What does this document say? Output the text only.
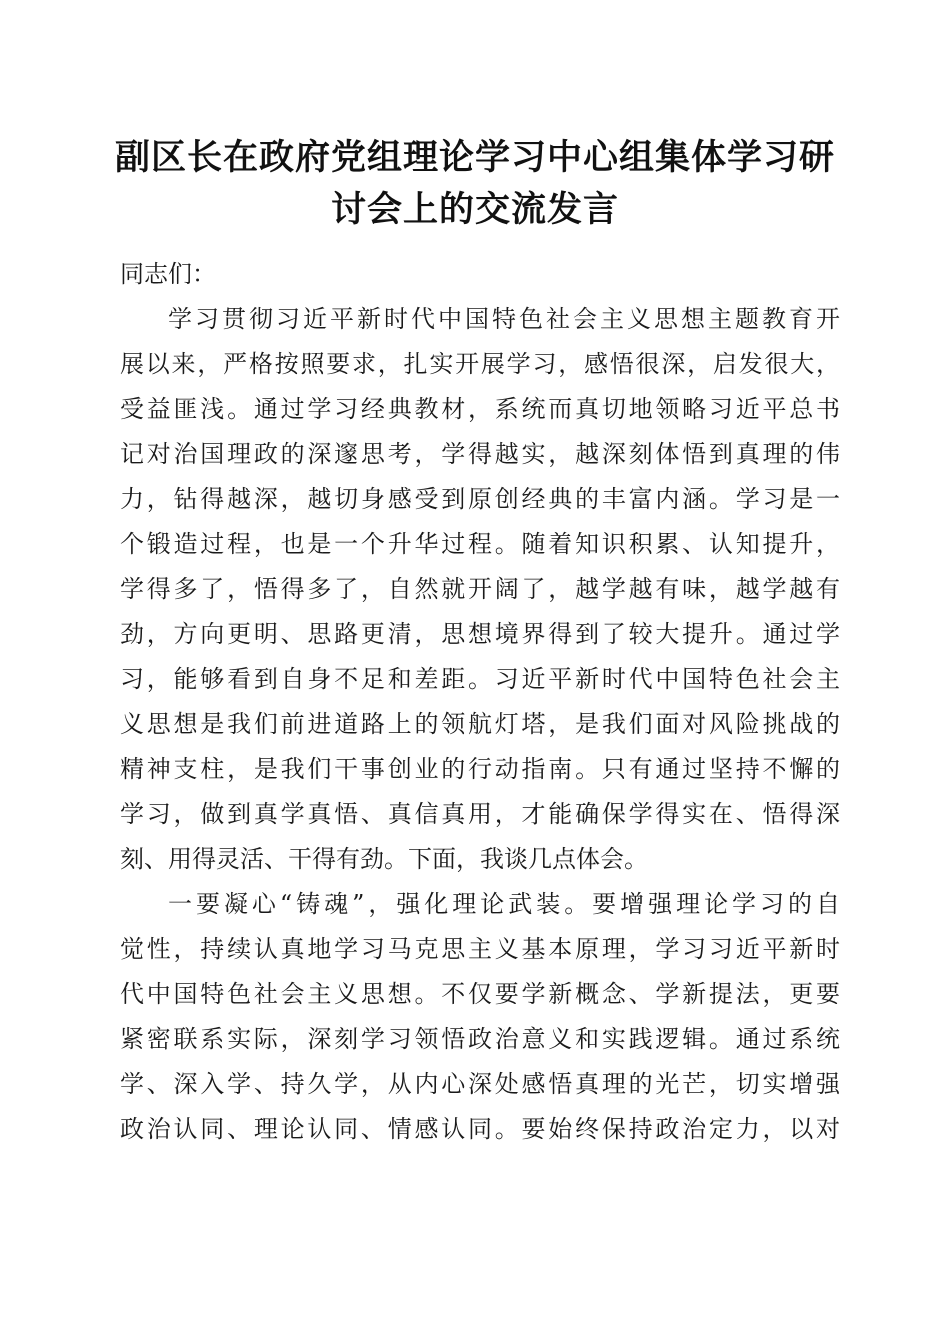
副区长在政府党组理论学习中心组集体学习研
讨会上的交流发言

同志们：

学习贯彻习近平新时代中国特色社会主义思想主题教育开
展以来，严格按照要求，扎实开展学习，感悟很深，启发很大，
受益匪浅。通过学习经典教材，系统而真切地领略习近平总书
记对治国理政的深邃思考，学得越实，越深刻体悟到真理的伟
力，钻得越深，越切身感受到原创经典的丰富内涵。学习是一
个锻造过程，也是一个升华过程。随着知识积累、认知提升，
学得多了，悟得多了，自然就开阔了，越学越有味，越学越有
劲，方向更明、思路更清，思想境界得到了较大提升。通过学
习，能够看到自身不足和差距。习近平新时代中国特色社会主
义思想是我们前进道路上的领航灯塔，是我们面对风险挑战的
精神支柱，是我们干事创业的行动指南。只有通过坚持不懈的
学习，做到真学真悟、真信真用，才能确保学得实在、悟得深
刻、用得灵活、干得有劲。下面，我谈几点体会。

一要凝心“铸魂”，强化理论武装。要增强理论学习的自
觉性，持续认真地学习马克思主义基本原理，学习习近平新时
代中国特色社会主义思想。不仅要学新概念、学新提法，更要
紧密联系实际，深刻学习领悟政治意义和实践逻辑。通过系统
学、深入学、持久学，从内心深处感悟真理的光芒，切实增强
政治认同、理论认同、情感认同。要始终保持政治定力，以对
